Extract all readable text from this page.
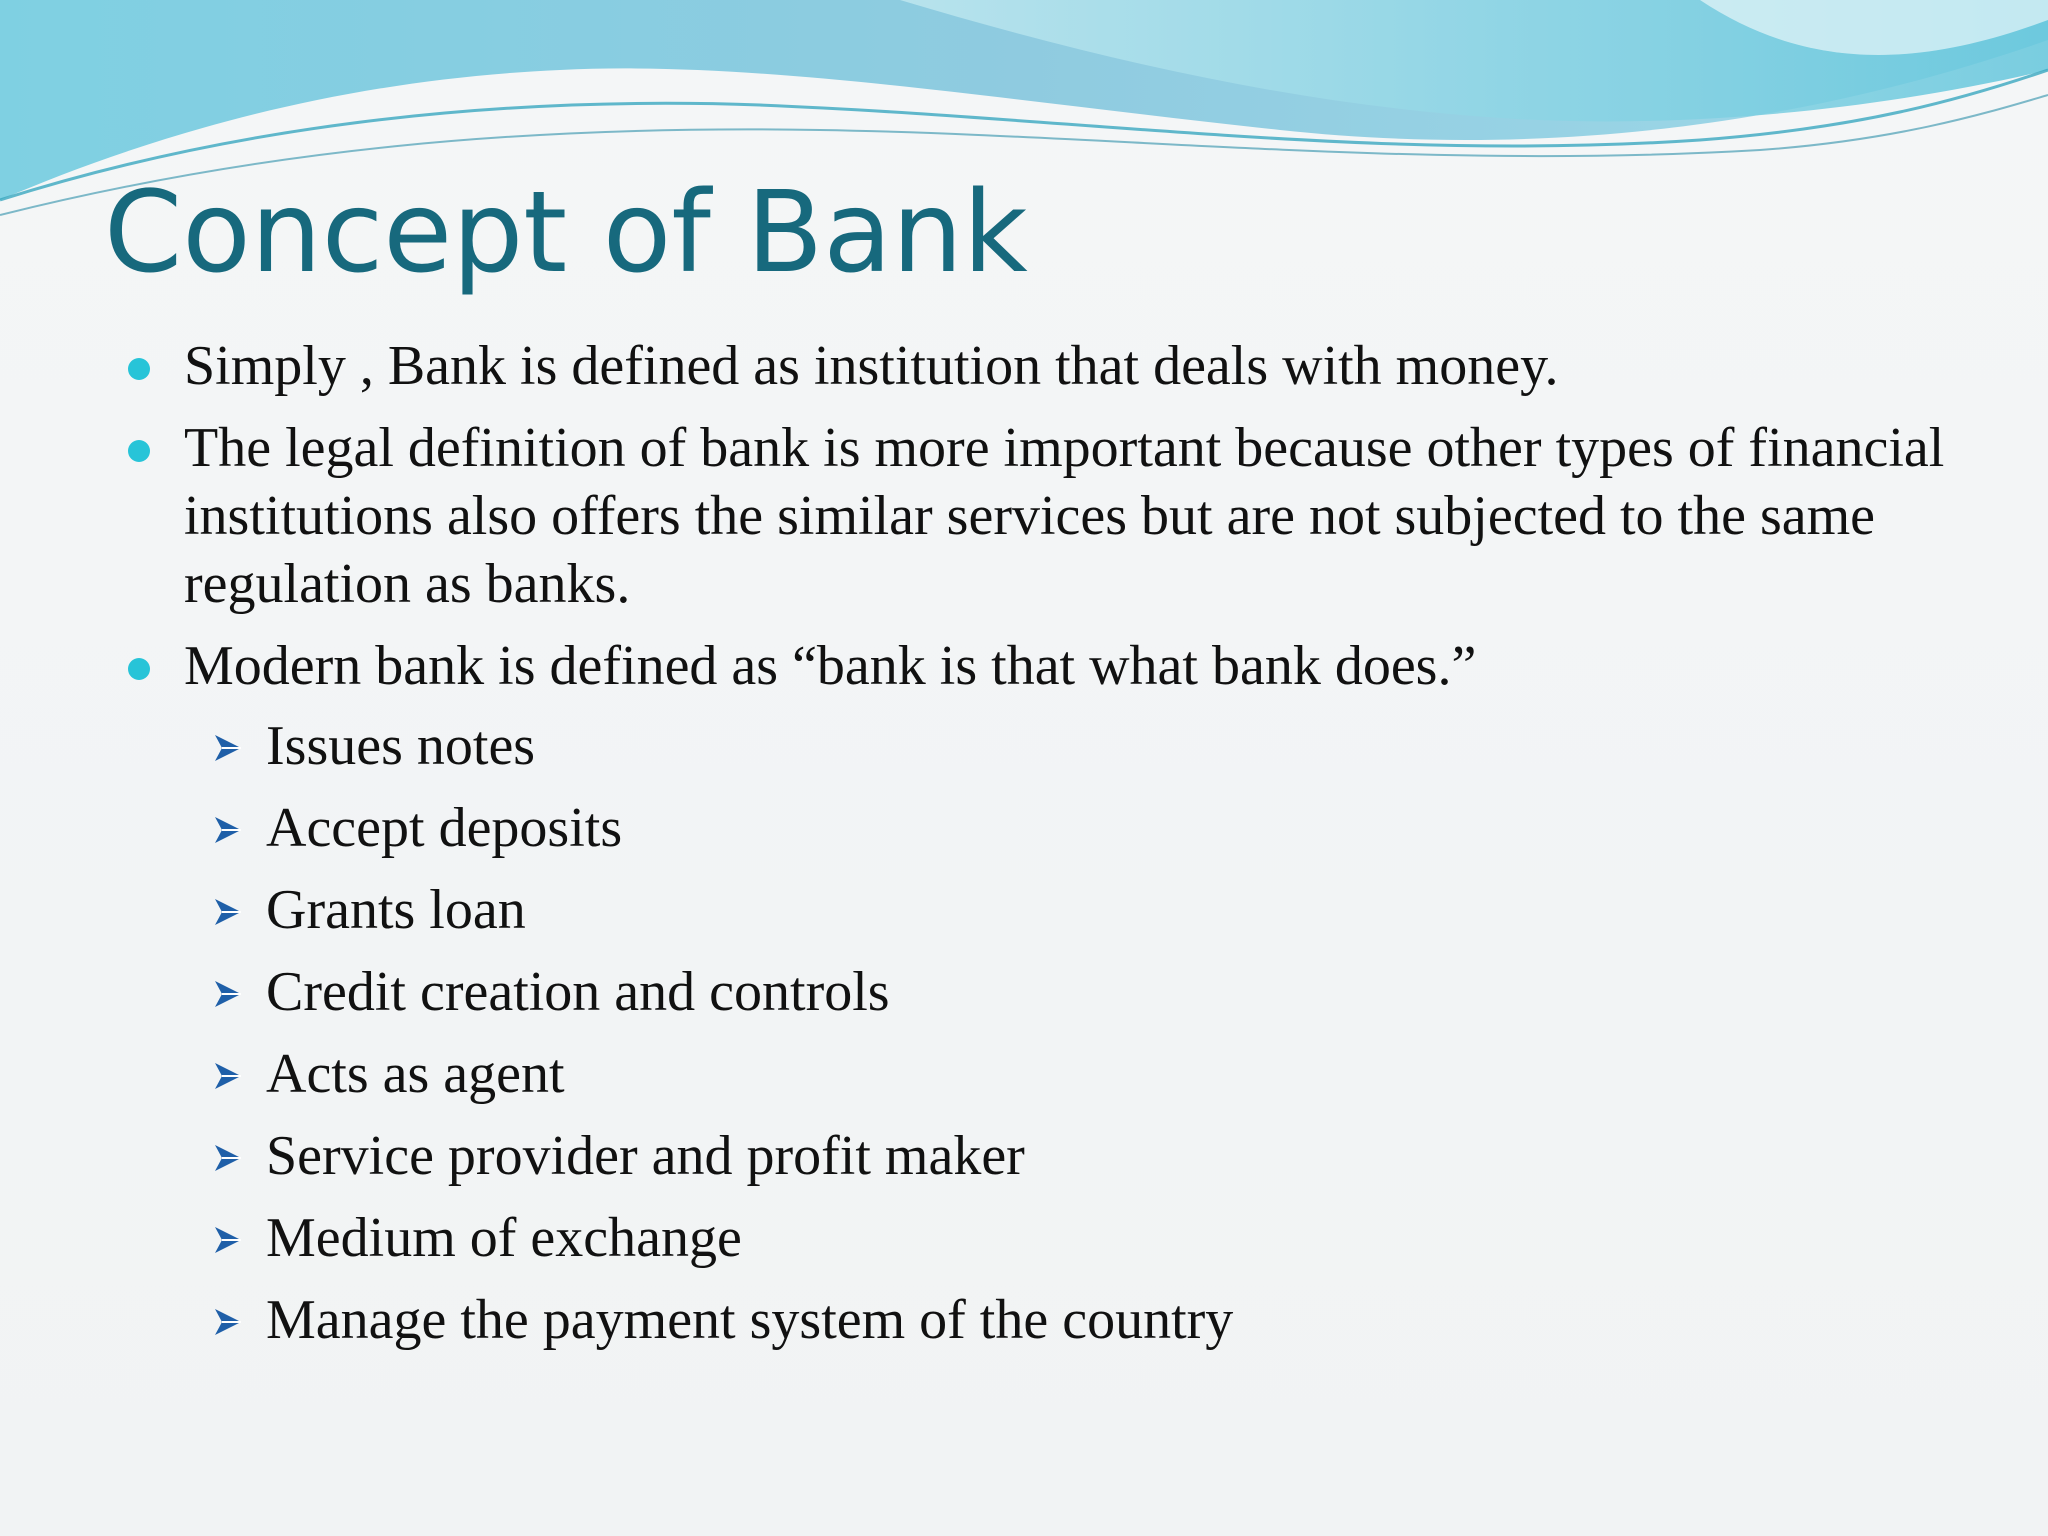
Concept of Bank
Simply , Bank is defined as institution that deals with money.
The legal definition of bank is more important because other types of financial institutions also offers the similar services but are not subjected to the same regulation as banks.
Modern bank is defined as “bank is that what bank does.”
Issues notes
Accept deposits
Grants loan
Credit creation and controls
Acts as agent
Service provider and profit maker
Medium of exchange
Manage the payment system of the country
